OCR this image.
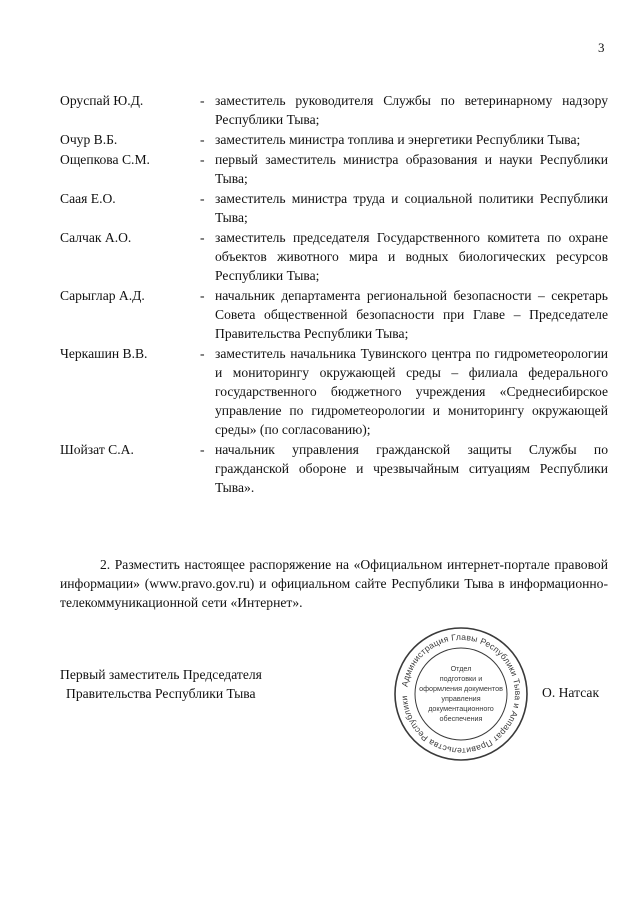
3
Оруспай Ю.Д.	- заместитель руководителя Службы по ветеринарному надзору Республики Тыва;
Очур В.Б.	- заместитель министра топлива и энергетики Республики Тыва;
Ощепкова С.М.	- первый заместитель министра образования и науки Республики Тыва;
Саая Е.О.	- заместитель министра труда и социальной политики Республики Тыва;
Салчак А.О.	- заместитель председателя Государственного комитета по охране объектов животного мира и водных биологических ресурсов Республики Тыва;
Сарыглар А.Д.	- начальник департамента региональной безопасности – секретарь Совета общественной безопасности при Главе – Председателе Правительства Республики Тыва;
Черкашин В.В.	- заместитель начальника Тувинского центра по гидрометеорологии и мониторингу окружающей среды – филиала федерального государственного бюджетного учреждения «Среднесибирское управление по гидрометеорологии и мониторингу окружающей среды» (по согласованию);
Шойзат С.А.	- начальник управления гражданской защиты Службы по гражданской обороне и чрезвычайным ситуациям Республики Тыва».
2. Разместить настоящее распоряжение на «Официальном интернет-портале правовой информации» (www.pravo.gov.ru) и официальном сайте Республики Тыва в информационно-телекоммуникационной сети «Интернет».
Первый заместитель Председателя
Правительства Республики Тыва
Администрация Главы Республики Тыва и Аппарат Правительства Республики
Отдел
подготовки и
оформления документов
управления
документационного
обеспечения
О. Натсак
